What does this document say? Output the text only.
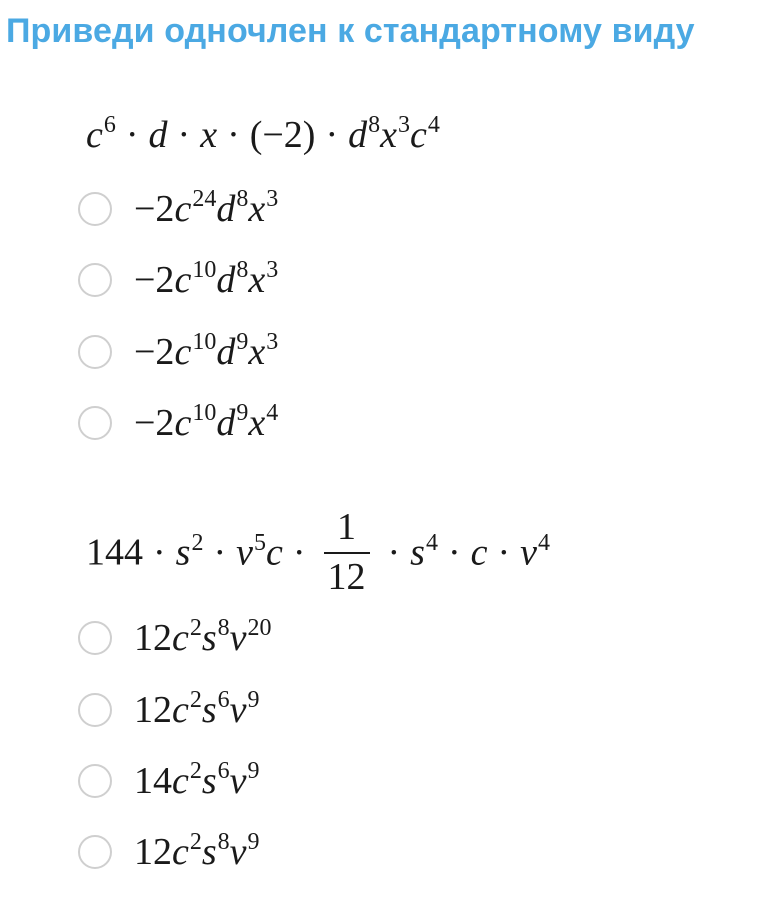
Приведи одночлен к стандартному виду
$c^6 \cdot d \cdot x \cdot (-2) \cdot d^8x^3c^4$
$-2c^{24}d^8x^3$
$-2c^{10}d^8x^3$
$-2c^{10}d^9x^3$
$-2c^{10}d^9x^4$
$144 \cdot s^2 \cdot v^5c \cdot \frac{1}{12} \cdot s^4 \cdot c \cdot v^4$
$12c^2s^8v^{20}$
$12c^2s^6v^9$
$14c^2s^6v^9$
$12c^2s^8v^9$
